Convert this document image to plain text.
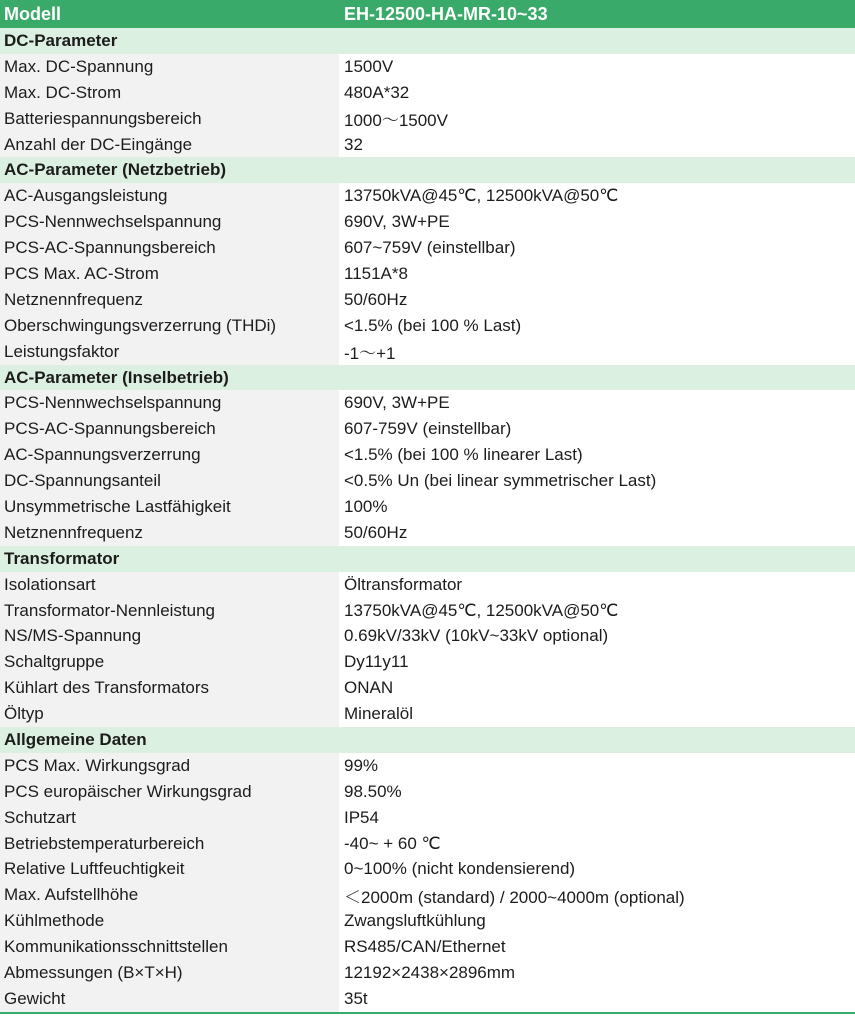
Modell	EH-12500-HA-MR-10~33
DC-Parameter
Max. DC-Spannung	1500V
Max. DC-Strom	480A*32
Batteriespannungsbereich	1000～1500V
Anzahl der DC-Eingänge	32
AC-Parameter (Netzbetrieb)
AC-Ausgangsleistung	13750kVA@45℃, 12500kVA@50℃
PCS-Nennwechselspannung	690V, 3W+PE
PCS-AC-Spannungsbereich	607~759V (einstellbar)
PCS Max. AC-Strom	1151A*8
Netznennfrequenz	50/60Hz
Oberschwingungsverzerrung (THDi)	<1.5% (bei 100 % Last)
Leistungsfaktor	-1～+1
AC-Parameter (Inselbetrieb)
PCS-Nennwechselspannung	690V, 3W+PE
PCS-AC-Spannungsbereich	607-759V (einstellbar)
AC-Spannungsverzerrung	<1.5% (bei 100 % linearer Last)
DC-Spannungsanteil	<0.5% Un (bei linear symmetrischer Last)
Unsymmetrische Lastfähigkeit	100%
Netznennfrequenz	50/60Hz
Transformator
Isolationsart	Öltransformator
Transformator-Nennleistung	13750kVA@45℃, 12500kVA@50℃
NS/MS-Spannung	0.69kV/33kV (10kV~33kV optional)
Schaltgruppe	Dy11y11
Kühlart des Transformators	ONAN
Öltyp	Mineralöl
Allgemeine Daten
PCS Max. Wirkungsgrad	99%
PCS europäischer Wirkungsgrad	98.50%
Schutzart	IP54
Betriebstemperaturbereich	-40~ + 60 ℃
Relative Luftfeuchtigkeit	0~100% (nicht kondensierend)
Max. Aufstellhöhe	＜2000m (standard) / 2000~4000m (optional)
Kühlmethode	Zwangsluftkühlung
Kommunikationsschnittstellen	RS485/CAN/Ethernet
Abmessungen (B×T×H)	12192×2438×2896mm
Gewicht	35t
